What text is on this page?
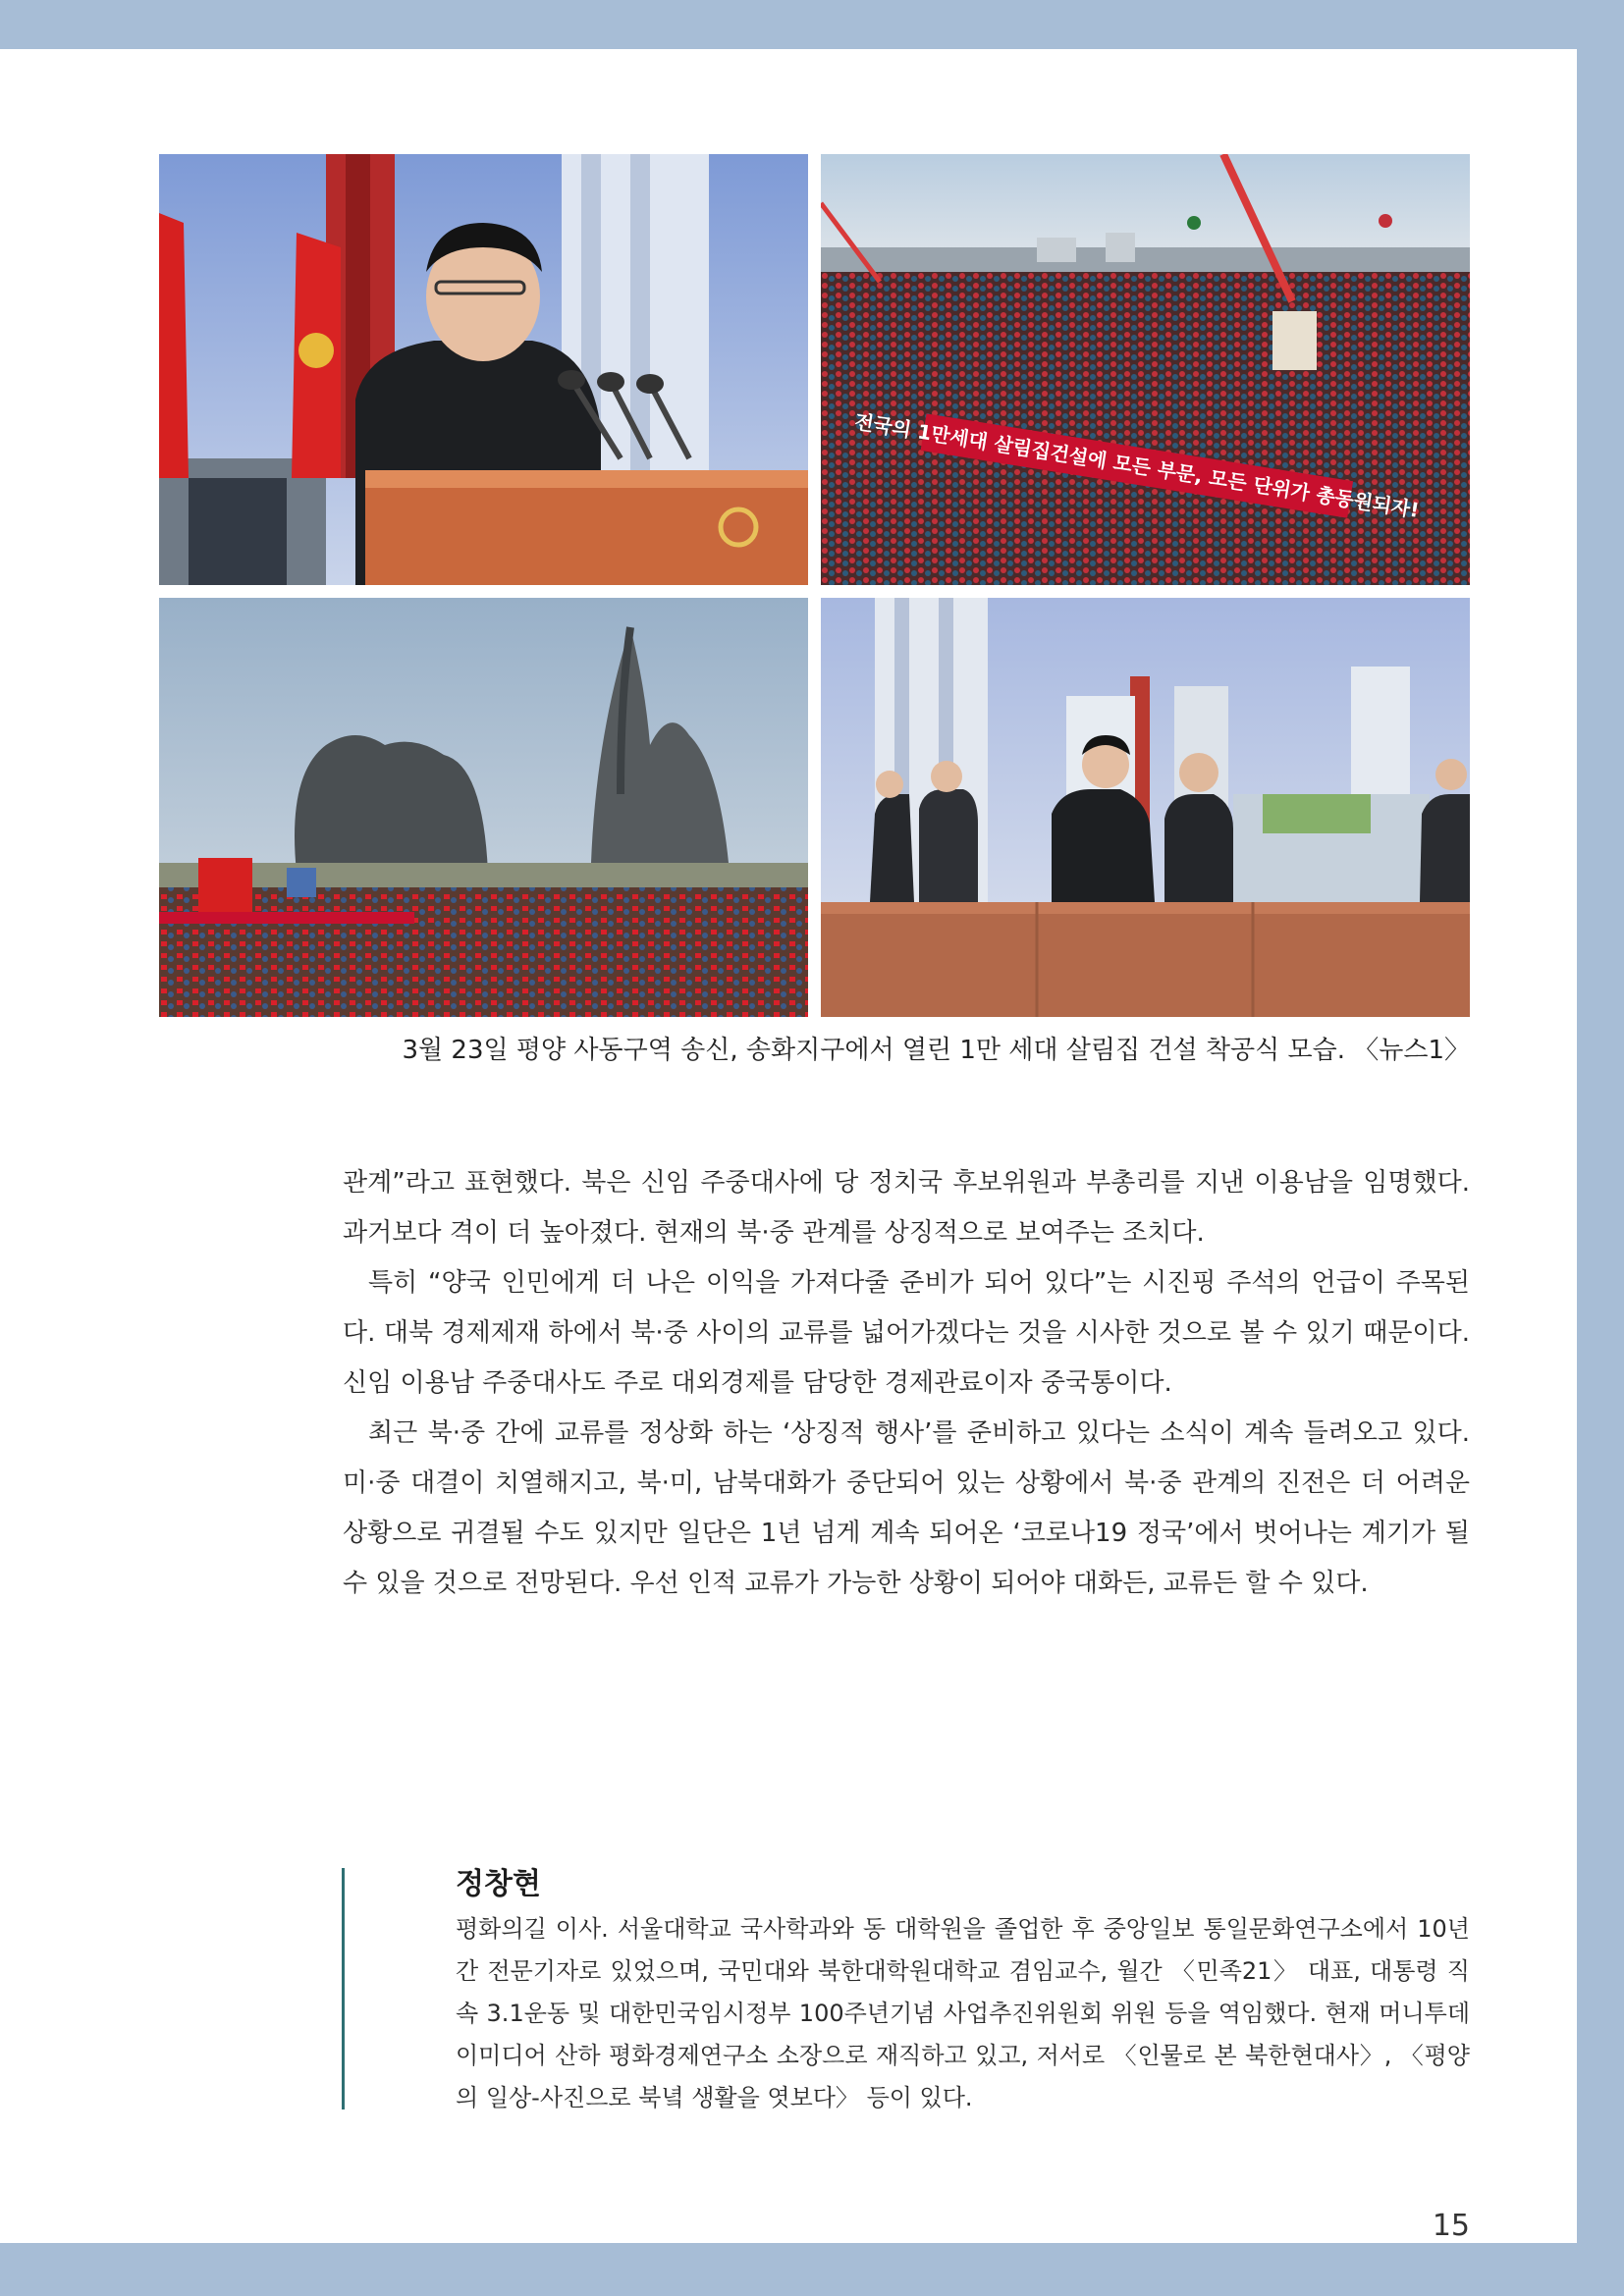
전국의 1만세대 살림집건설에 모든 부문, 모든 단위가 총동원되자!
3월 23일 평양 사동구역 송신, 송화지구에서 열린 1만 세대 살림집 건설 착공식 모습. 〈뉴스1〉

관계”라고 표현했다. 북은 신임 주중대사에 당 정치국 후보위원과 부총리를 지낸 이용남을 임명했다. 과거보다 격이 더 높아졌다. 현재의 북·중 관계를 상징적으로 보여주는 조치다.

특히 “양국 인민에게 더 나은 이익을 가져다줄 준비가 되어 있다”는 시진핑 주석의 언급이 주목된다. 대북 경제제재 하에서 북·중 사이의 교류를 넓어가겠다는 것을 시사한 것으로 볼 수 있기 때문이다. 신임 이용남 주중대사도 주로 대외경제를 담당한 경제관료이자 중국통이다.

최근 북·중 간에 교류를 정상화 하는 ‘상징적 행사’를 준비하고 있다는 소식이 계속 들려오고 있다. 미·중 대결이 치열해지고, 북·미, 남북대화가 중단되어 있는 상황에서 북·중 관계의 진전은 더 어려운 상황으로 귀결될 수도 있지만 일단은 1년 넘게 계속 되어온 ‘코로나19 정국’에서 벗어나는 계기가 될 수 있을 것으로 전망된다. 우선 인적 교류가 가능한 상황이 되어야 대화든, 교류든 할 수 있다.

정창현
평화의길 이사. 서울대학교 국사학과와 동 대학원을 졸업한 후 중앙일보 통일문화연구소에서 10년간 전문기자로 있었으며, 국민대와 북한대학원대학교 겸임교수, 월간 〈민족21〉 대표, 대통령 직속 3.1운동 및 대한민국임시정부 100주년기념 사업추진위원회 위원 등을 역임했다. 현재 머니투데이미디어 산하 평화경제연구소 소장으로 재직하고 있고, 저서로 〈인물로 본 북한현대사〉, 〈평양의 일상-사진으로 북녘 생활을 엿보다〉 등이 있다.
15
